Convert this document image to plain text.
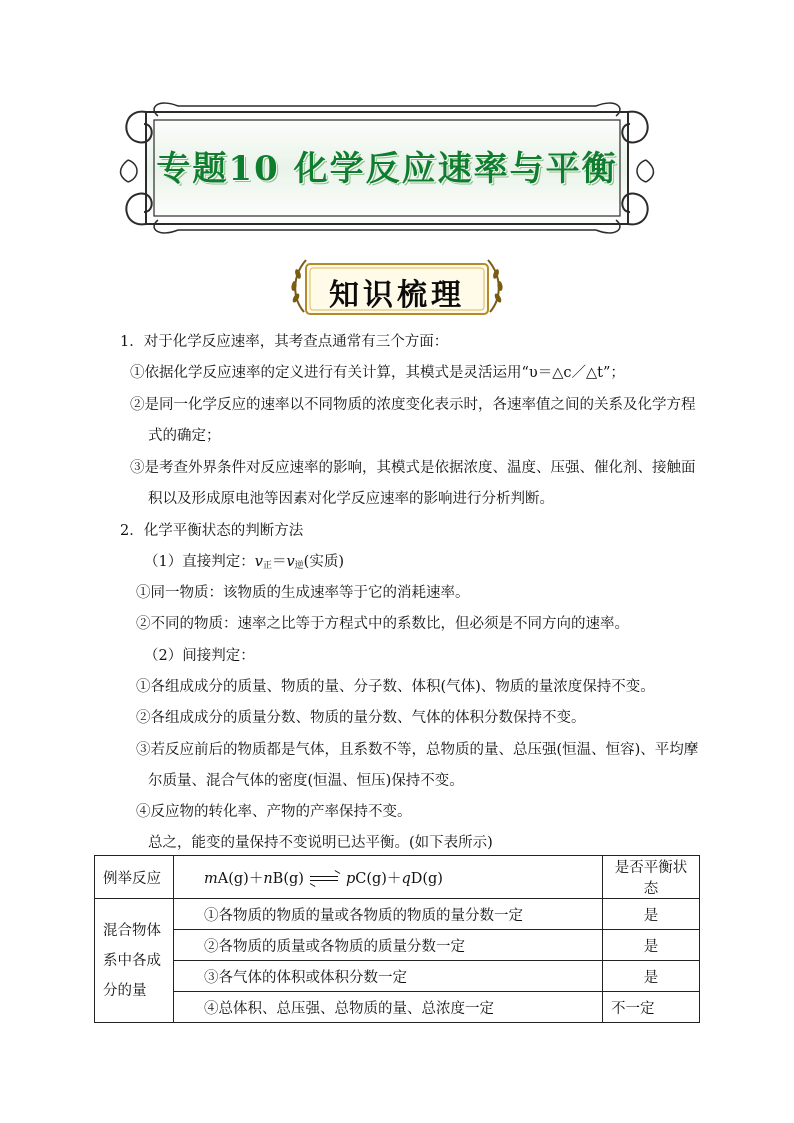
专题10 化学反应速率与平衡
知识梳理
1．对于化学反应速率，其考查点通常有三个方面：
①依据化学反应速率的定义进行有关计算，其模式是灵活运用“υ＝△c／△t”；
②是同一化学反应的速率以不同物质的浓度变化表示时，各速率值之间的关系及化学方程
式的确定；
③是考查外界条件对反应速率的影响，其模式是依据浓度、温度、压强、催化剂、接触面
积以及形成原电池等因素对化学反应速率的影响进行分析判断。
2．化学平衡状态的判断方法
（1）直接判定：$v_正=v_逆$(实质)
①同一物质：该物质的生成速率等于它的消耗速率。
②不同的物质：速率之比等于方程式中的系数比，但必须是不同方向的速率。
（2）间接判定：
①各组成成分的质量、物质的量、分子数、体积(气体)、物质的量浓度保持不变。
②各组成成分的质量分数、物质的量分数、气体的体积分数保持不变。
③若反应前后的物质都是气体，且系数不等，总物质的量、总压强(恒温、恒容)、平均摩
尔质量、混合气体的密度(恒温、恒压)保持不变。
④反应物的转化率、产物的产率保持不变。
总之，能变的量保持不变说明已达平衡。(如下表所示)
例举反应	mA(g)＋nB(g) pC(g)＋qD(g)	是否平衡状态

混合物体
系中各成
分的量	①各物质的物质的量或各物质的物质的量分数一定	是
	②各物质的质量或各物质的质量分数一定	是
	③各气体的体积或体积分数一定	是
	④总体积、总压强、总物质的量、总浓度一定	不一定
